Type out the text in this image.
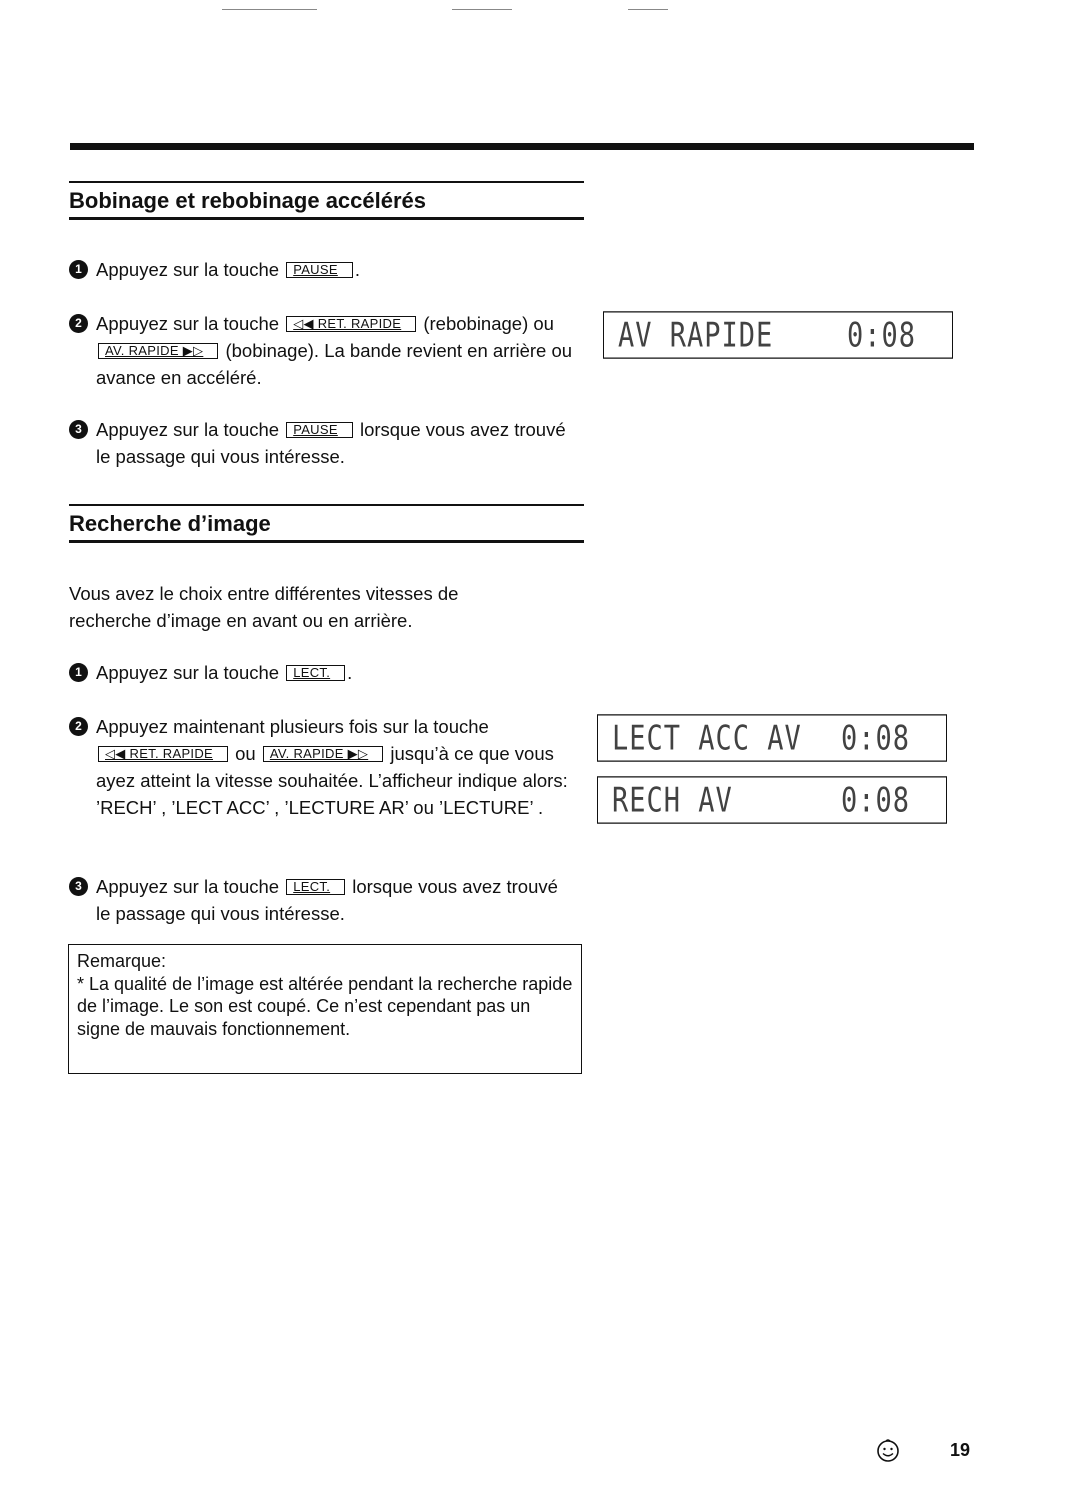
Bobinage et rebobinage accélérés
1 Appuyez sur la touche PAUSE .
2 Appuyez sur la touche ◁◀ RET. RAPIDE (rebobinage) ou AV. RAPIDE ▶▷ (bobinage). La bande revient en arrière ou avance en accéléré.
3 Appuyez sur la touche PAUSE lorsque vous avez trouvé le passage qui vous intéresse.
AV RAPIDE	0:08
Recherche d’image
Vous avez le choix entre différentes vitesses de recherche d’image en avant ou en arrière.
1 Appuyez sur la touche LECT. .
2 Appuyez maintenant plusieurs fois sur la touche ◁◀ RET. RAPIDE ou AV. RAPIDE ▶▷ jusqu’à ce que vous ayez atteint la vitesse souhaitée. L’afficheur indique alors: ’RECH’ , ’LECT ACC’ , ’LECTURE AR’ ou ’LECTURE’ .
3 Appuyez sur la touche LECT. lorsque vous avez trouvé le passage qui vous intéresse.
LECT ACC AV 0:08
RECH AV	0:08
Remarque:
* La qualité de l’image est altérée pendant la recherche rapide de l’image. Le son est coupé. Ce n’est cependant pas un signe de mauvais fonctionnement.
19
